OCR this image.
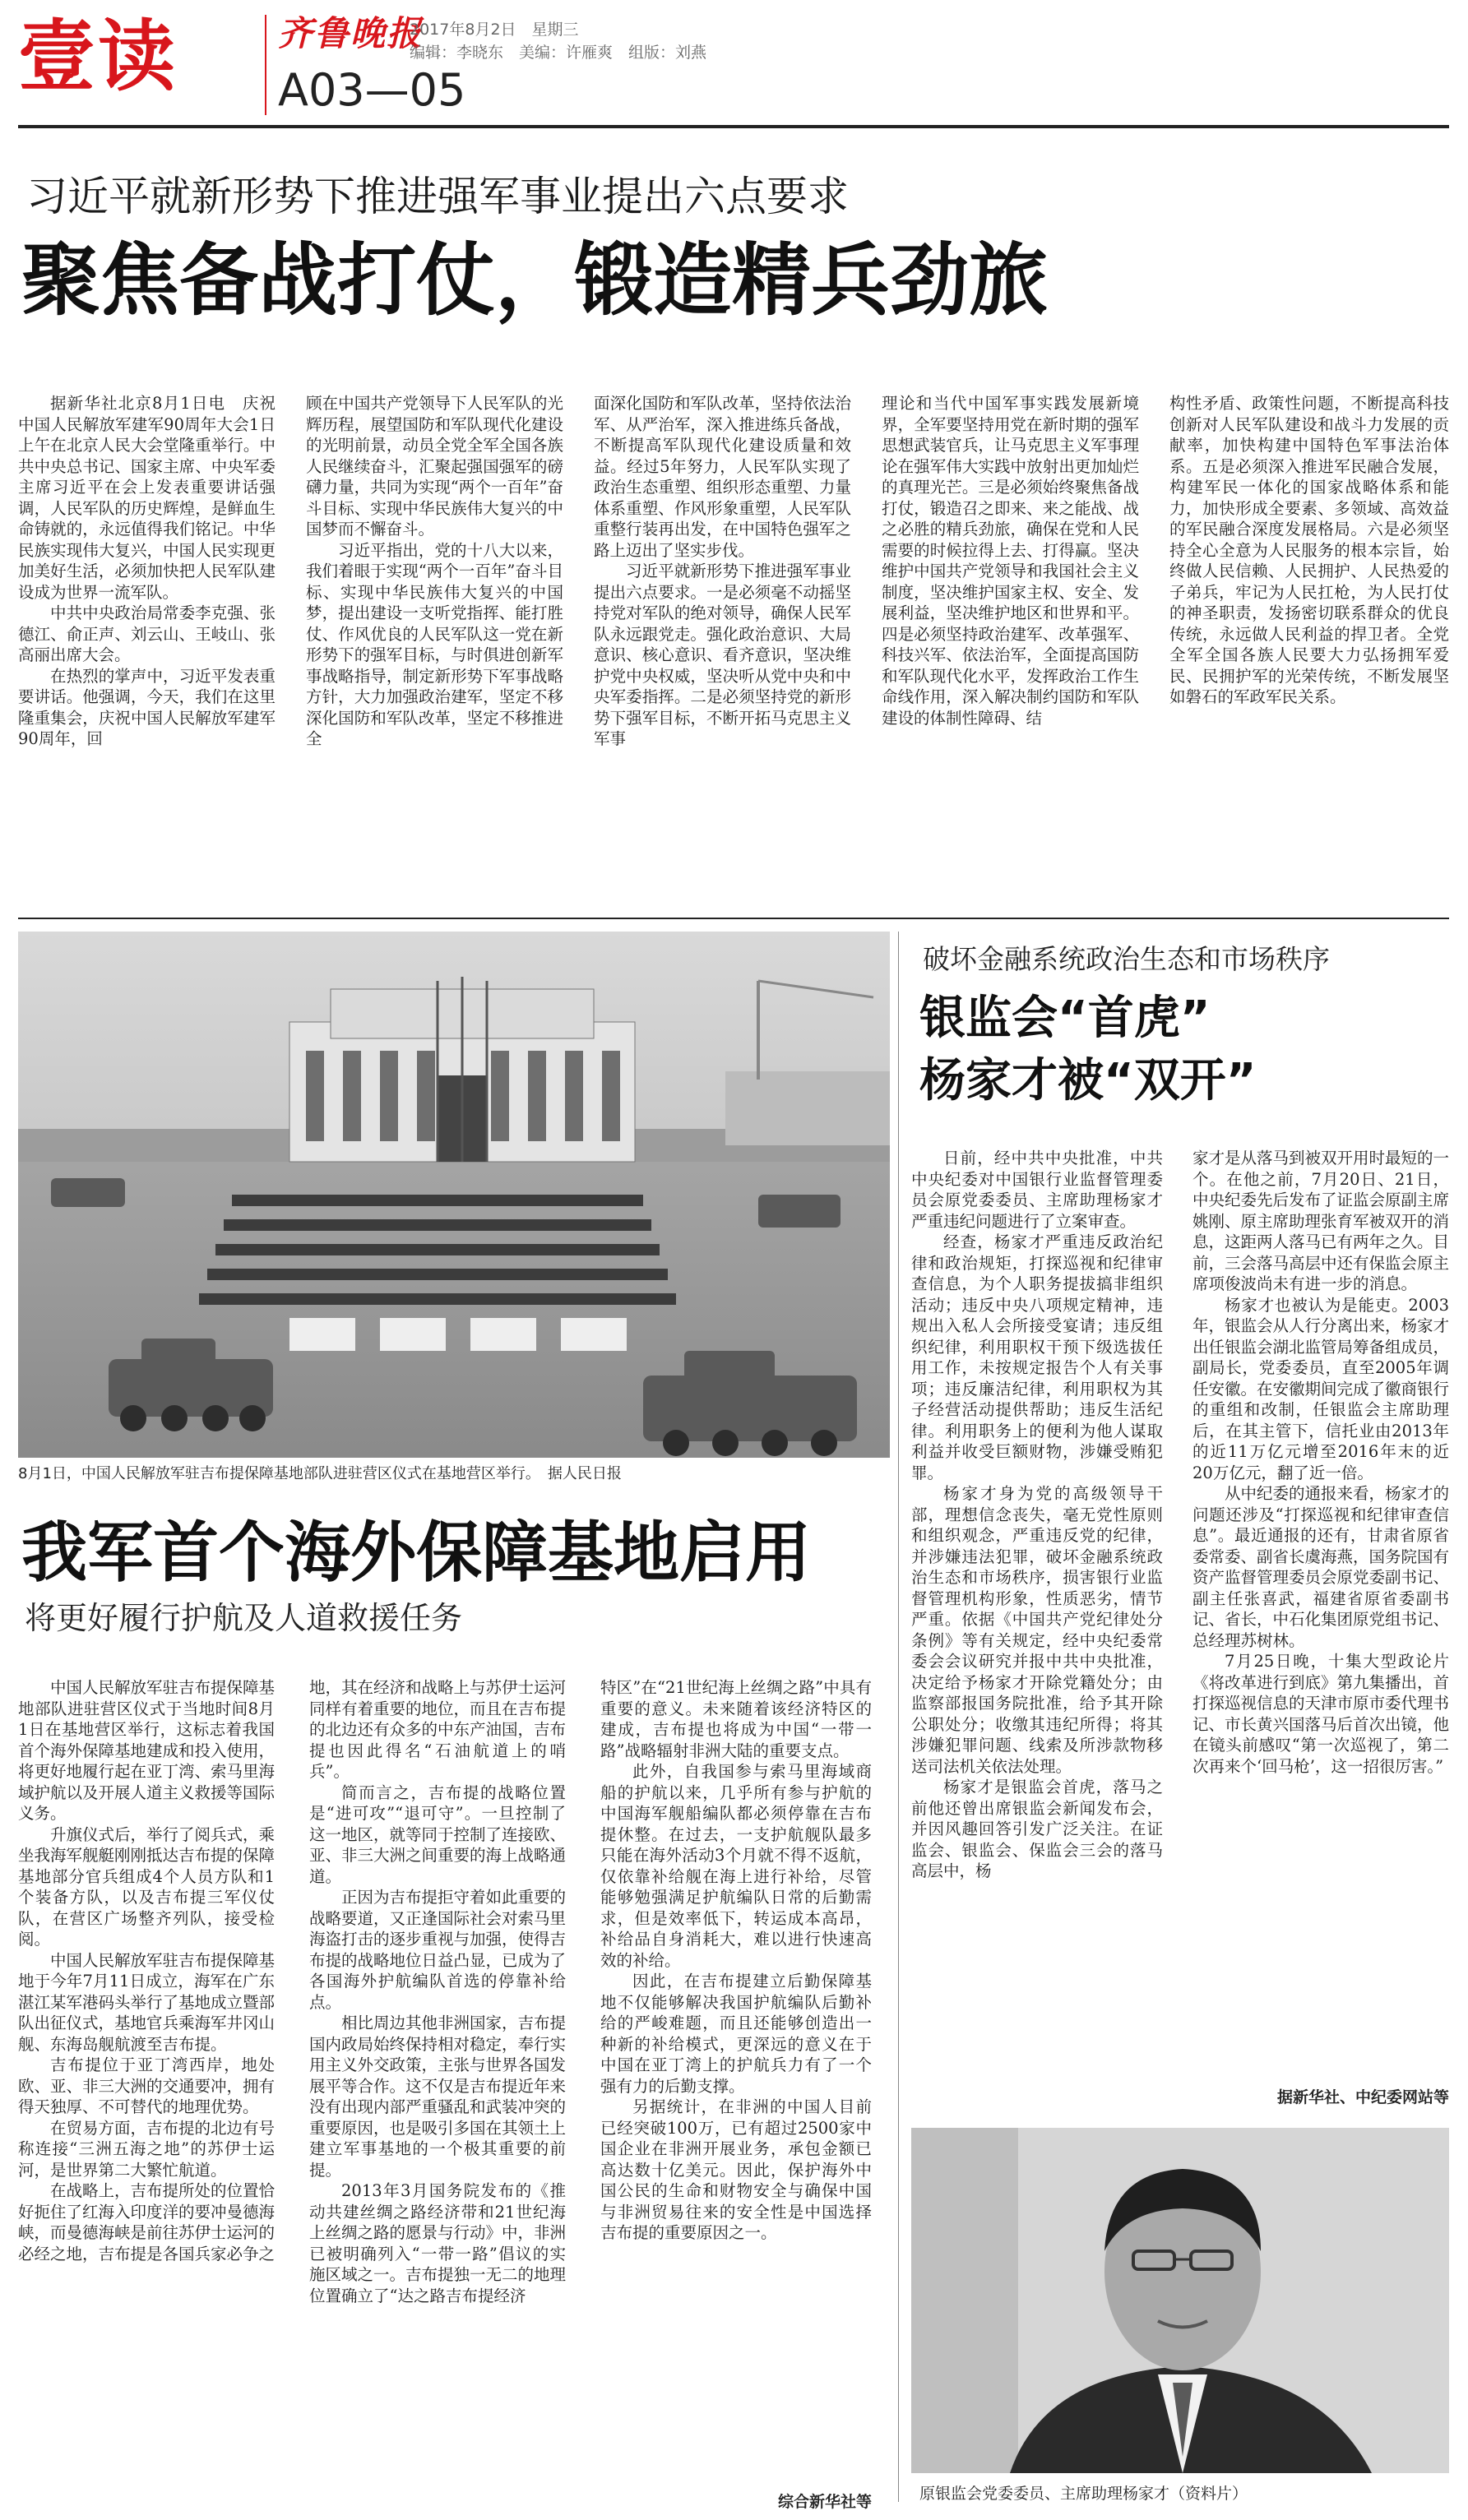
壹读	齐鲁晚报
A03—05
2017年8月2日　星期三
编辑：李晓东　美编：许雁爽　组版：刘燕
习近平就新形势下推进强军事业提出六点要求
聚焦备战打仗，锻造精兵劲旅

据新华社北京8月1日电　庆祝中国人民解放军建军90周年大会1日上午在北京人民大会堂隆重举行。中共中央总书记、国家主席、中央军委主席习近平在会上发表重要讲话强调，人民军队的历史辉煌，是鲜血生命铸就的，永远值得我们铭记。中华民族实现伟大复兴，中国人民实现更加美好生活，必须加快把人民军队建设成为世界一流军队。

中共中央政治局常委李克强、张德江、俞正声、刘云山、王岐山、张高丽出席大会。

在热烈的掌声中，习近平发表重要讲话。他强调，今天，我们在这里隆重集会，庆祝中国人民解放军建军90周年，回

顾在中国共产党领导下人民军队的光辉历程，展望国防和军队现代化建设的光明前景，动员全党全军全国各族人民继续奋斗，汇聚起强国强军的磅礴力量，共同为实现“两个一百年”奋斗目标、实现中华民族伟大复兴的中国梦而不懈奋斗。

习近平指出，党的十八大以来，我们着眼于实现“两个一百年”奋斗目标、实现中华民族伟大复兴的中国梦，提出建设一支听党指挥、能打胜仗、作风优良的人民军队这一党在新形势下的强军目标，与时俱进创新军事战略指导，制定新形势下军事战略方针，大力加强政治建军，坚定不移深化国防和军队改革，坚定不移推进全

面深化国防和军队改革，坚持依法治军、从严治军，深入推进练兵备战，不断提高军队现代化建设质量和效益。经过5年努力，人民军队实现了政治生态重塑、组织形态重塑、力量体系重塑、作风形象重塑，人民军队重整行装再出发，在中国特色强军之路上迈出了坚实步伐。

习近平就新形势下推进强军事业提出六点要求。一是必须毫不动摇坚持党对军队的绝对领导，确保人民军队永远跟党走。强化政治意识、大局意识、核心意识、看齐意识，坚决维护党中央权威，坚决听从党中央和中央军委指挥。二是必须坚持党的新形势下强军目标，不断开拓马克思主义军事

理论和当代中国军事实践发展新境界，全军要坚持用党在新时期的强军思想武装官兵，让马克思主义军事理论在强军伟大实践中放射出更加灿烂的真理光芒。三是必须始终聚焦备战打仗，锻造召之即来、来之能战、战之必胜的精兵劲旅，确保在党和人民需要的时候拉得上去、打得赢。坚决维护中国共产党领导和我国社会主义制度，坚决维护国家主权、安全、发展利益，坚决维护地区和世界和平。四是必须坚持政治建军、改革强军、科技兴军、依法治军，全面提高国防和军队现代化水平，发挥政治工作生命线作用，深入解决制约国防和军队建设的体制性障碍、结

构性矛盾、政策性问题，不断提高科技创新对人民军队建设和战斗力发展的贡献率，加快构建中国特色军事法治体系。五是必须深入推进军民融合发展，构建军民一体化的国家战略体系和能力，加快形成全要素、多领域、高效益的军民融合深度发展格局。六是必须坚持全心全意为人民服务的根本宗旨，始终做人民信赖、人民拥护、人民热爱的子弟兵，牢记为人民扛枪，为人民打仗的神圣职责，发扬密切联系群众的优良传统，永远做人民利益的捍卫者。全党全军全国各族人民要大力弘扬拥军爱民、民拥护军的光荣传统，不断发展坚如磐石的军政军民关系。

8月1日，中国人民解放军驻吉布提保障基地部队进驻营区仪式在基地营区举行。　据人民日报
破坏金融系统政治生态和市场秩序
银监会“首虎”
杨家才被“双开”

日前，经中共中央批准，中共中央纪委对中国银行业监督管理委员会原党委委员、主席助理杨家才严重违纪问题进行了立案审查。

经查，杨家才严重违反政治纪律和政治规矩，打探巡视和纪律审查信息，为个人职务提拔搞非组织活动；违反中央八项规定精神，违规出入私人会所接受宴请；违反组织纪律，利用职权干预下级选拔任用工作，未按规定报告个人有关事项；违反廉洁纪律，利用职权为其子经营活动提供帮助；违反生活纪律。利用职务上的便利为他人谋取利益并收受巨额财物，涉嫌受贿犯罪。

杨家才身为党的高级领导干部，理想信念丧失，毫无党性原则和组织观念，严重违反党的纪律，并涉嫌违法犯罪，破坏金融系统政治生态和市场秩序，损害银行业监督管理机构形象，性质恶劣，情节严重。依据《中国共产党纪律处分条例》等有关规定，经中央纪委常委会会议研究并报中共中央批准，决定给予杨家才开除党籍处分；由监察部报国务院批准，给予其开除公职处分；收缴其违纪所得；将其涉嫌犯罪问题、线索及所涉款物移送司法机关依法处理。

杨家才是银监会首虎，落马之前他还曾出席银监会新闻发布会，并因风趣回答引发广泛关注。在证监会、银监会、保监会三会的落马高层中，杨

家才是从落马到被双开用时最短的一个。在他之前，7月20日、21日，中央纪委先后发布了证监会原副主席姚刚、原主席助理张育军被双开的消息，这距两人落马已有两年之久。目前，三会落马高层中还有保监会原主席项俊波尚未有进一步的消息。

杨家才也被认为是能吏。2003年，银监会从人行分离出来，杨家才出任银监会湖北监管局筹备组成员，副局长，党委委员，直至2005年调任安徽。在安徽期间完成了徽商银行的重组和改制，任银监会主席助理后，在其主管下，信托业由2013年的近11万亿元增至2016年末的近20万亿元，翻了近一倍。

从中纪委的通报来看，杨家才的问题还涉及“打探巡视和纪律审查信息”。最近通报的还有，甘肃省原省委常委、副省长虞海燕，国务院国有资产监督管理委员会原党委副书记、副主任张喜武，福建省原省委副书记、省长，中石化集团原党组书记、总经理苏树林。

7月25日晚，十集大型政论片《将改革进行到底》第九集播出，首打探巡视信息的天津市原市委代理书记、市长黄兴国落马后首次出镜，他在镜头前感叹“第一次巡视了，第二次再来个‘回马枪’，这一招很厉害。”

据新华社、中纪委网站等
原银监会党委委员、主席助理杨家才（资料片）
我军首个海外保障基地启用
将更好履行护航及人道救援任务

中国人民解放军驻吉布提保障基地部队进驻营区仪式于当地时间8月1日在基地营区举行，这标志着我国首个海外保障基地建成和投入使用，将更好地履行起在亚丁湾、索马里海域护航以及开展人道主义救援等国际义务。

升旗仪式后，举行了阅兵式，乘坐我海军舰艇刚刚抵达吉布提的保障基地部分官兵组成4个人员方队和1个装备方队，以及吉布提三军仪仗队，在营区广场整齐列队，接受检阅。

中国人民解放军驻吉布提保障基地于今年7月11日成立，海军在广东湛江某军港码头举行了基地成立暨部队出征仪式，基地官兵乘海军井冈山舰、东海岛舰航渡至吉布提。

吉布提位于亚丁湾西岸，地处欧、亚、非三大洲的交通要冲，拥有得天独厚、不可替代的地理优势。

在贸易方面，吉布提的北边有号称连接“三洲五海之地”的苏伊士运河，是世界第二大繁忙航道。

在战略上，吉布提所处的位置恰好扼住了红海入印度洋的要冲曼德海峡，而曼德海峡是前往苏伊士运河的必经之地，吉布提是各国兵家必争之

地，其在经济和战略上与苏伊士运河同样有着重要的地位，而且在吉布提的北边还有众多的中东产油国，吉布提也因此得名“石油航道上的哨兵”。

简而言之，吉布提的战略位置是“进可攻”“退可守”。一旦控制了这一地区，就等同于控制了连接欧、亚、非三大洲之间重要的海上战略通道。

正因为吉布提拒守着如此重要的战略要道，又正逢国际社会对索马里海盗打击的逐步重视与加强，使得吉布提的战略地位日益凸显，已成为了各国海外护航编队首选的停靠补给点。

相比周边其他非洲国家，吉布提国内政局始终保持相对稳定，奉行实用主义外交政策，主张与世界各国发展平等合作。这不仅是吉布提近年来没有出现内部严重骚乱和武装冲突的重要原因，也是吸引多国在其领土上建立军事基地的一个极其重要的前提。

2013年3月国务院发布的《推动共建丝绸之路经济带和21世纪海上丝绸之路的愿景与行动》中，非洲已被明确列入“一带一路”倡议的实施区域之一。吉布提独一无二的地理位置确立了“达之路吉布提经济

特区”在“21世纪海上丝绸之路”中具有重要的意义。未来随着该经济特区的建成，吉布提也将成为中国“一带一路”战略辐射非洲大陆的重要支点。

此外，自我国参与索马里海域商船的护航以来，几乎所有参与护航的中国海军舰船编队都必须停靠在吉布提休整。在过去，一支护航舰队最多只能在海外活动3个月就不得不返航，仅依靠补给舰在海上进行补给，尽管能够勉强满足护航编队日常的后勤需求，但是效率低下，转运成本高昂，补给品自身消耗大，难以进行快速高效的补给。

因此，在吉布提建立后勤保障基地不仅能够解决我国护航编队后勤补给的严峻难题，而且还能够创造出一种新的补给模式，更深远的意义在于中国在亚丁湾上的护航兵力有了一个强有力的后勤支撑。

另据统计，在非洲的中国人目前已经突破100万，已有超过2500家中国企业在非洲开展业务，承包金额已高达数十亿美元。因此，保护海外中国公民的生命和财物安全与确保中国与非洲贸易往来的安全性是中国选择吉布提的重要原因之一。

综合新华社等
